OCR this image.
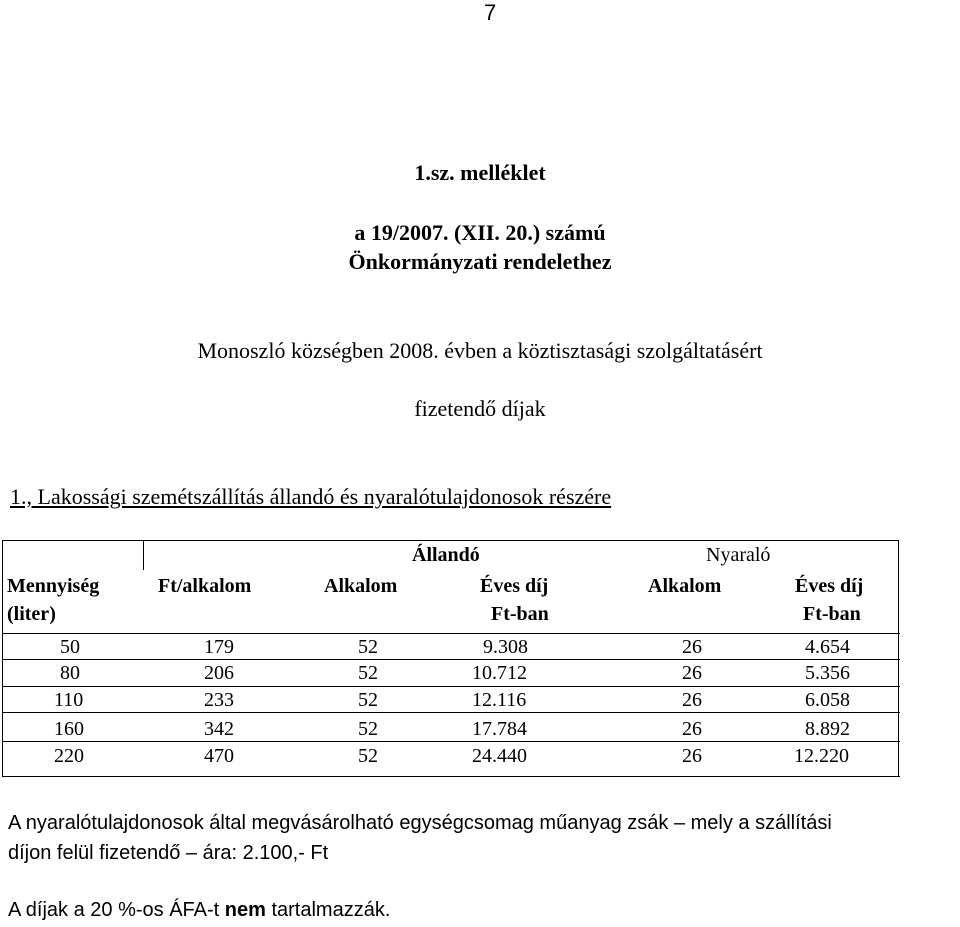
7
1.sz. melléklet
a 19/2007. (XII. 20.) számú
Önkormányzati rendelethez
Monoszló községben 2008. évben a köztisztasági szolgáltatásért
fizetendő díjak
1., Lakossági szemétszállítás állandó és nyaralótulajdonosok részére
Állandó	Nyaraló
Mennyiség
(liter)
Ft/alkalom	Alkalom	Éves díj
Ft-ban
Alkalom	Éves díj
Ft-ban
50	179	52	9.308	26	4.654
80	206	52	10.712	26	5.356
110	233	52	12.116	26	6.058
160	342	52	17.784	26	8.892
220	470	52	24.440	26	12.220
A nyaralótulajdonosok által megvásárolható egységcsomag műanyag zsák – mely a szállítási
díjon felül fizetendő – ára: 2.100,- Ft
A díjak a 20 %-os ÁFA-t nem tartalmazzák.
